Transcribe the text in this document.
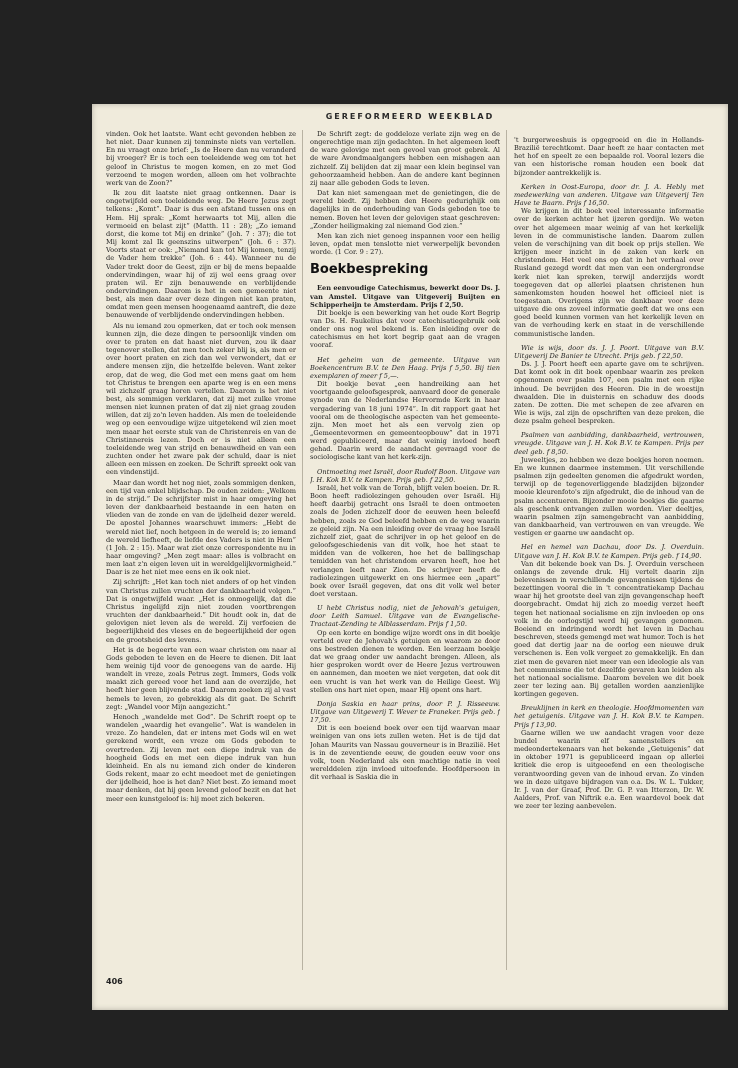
GEREFORMEERD WEEKBLAD

vinden. Ook het laatste. Want echt gevonden hebben ze het niet. Daar kunnen zij tenminste niets van vertellen. En nu vraagt onze brief: „Is de Heere dan nu veranderd bij vroeger? Er is toch een toeleidende weg om tot het geloof in Christus te mogen komen, en zo met God verzoend te mogen worden, alleen om het volbrachte werk van de Zoon?”

Ik zou dit laatste niet graag ontkennen. Daar is ongetwijfeld een toeleidende weg. De Heere Jezus zegt telkens: „Komt”. Daar is dus een afstand tussen ons en Hem. Hij sprak: „Komt herwaarts tot Mij, allen die vermoeid en belast zijt” (Matth. 11 : 28); „Zo iemand dorst, die kome tot Mij en drinke” (Joh. 7 : 37); die tot Mij komt zal Ik geenszins uitwerpen” (Joh. 6 : 37). Voorts staat er ook: „Niemand kan tot Mij komen, tenzij de Vader hem trekke” (Joh. 6 : 44). Wanneer nu de Vader trekt door de Geest, zijn er bij de mens bepaalde ondervindingen, waar hij of zij wel eens graag over praten wil. Er zijn benauwende en verblijdende ondervindingen. Daarom is het in een gemeente niet best, als men daar over deze dingen niet kan praten, omdat men geen mensen hoogenaamd aantreft, die deze benauwende of verblijdende ondervindingen hebben.

Als nu iemand zou opmerken, dat er toch ook mensen kunnen zijn, die deze dingen te persoonlijk vinden om over te praten en dat haast niet durven, zou ik daar tegenover stellen, dat men toch zeker blij is, als men er over hoort praten en zich dan wel verwondert, dat er andere mensen zijn, die hetzelfde beleven. Want zeker erop, dat de weg, die God met een mens gaat om hem tot Christus te brengen een aparte weg is en een mens wil zichzelf graag horen vertellen. Daarom is het niet best, als sommigen verklaren, dat zij met zulke vrome mensen niet kunnen praten of dat zij niet graag zouden willen, dat zij zo'n leven hadden. Als men de toeleidende weg op een eenvoudige wijze uitgetekend wil zien moet men maar het eerste stuk van de Christenreis en van de Christinnereis lezen. Doch er is niet alleen een toeleidende weg van strijd en benauwdheid en van een zuchten onder het zware pak der schuld, daar is niet alleen een missen en zoeken. De Schrift spreekt ook van een vindenstijd.

Maar dan wordt het nog niet, zoals sommigen denken, een tijd van enkel blijdschap. De ouden zeiden: „Welkom in de strijd.” De schrijfster mist in haar omgeving het leven der dankbaarheid bestaande in een haten en vlieden van de zonde en van de ijdelheid dezer wereld. De apostel Johannes waarschuwt immers: „Hebt de wereld niet lief, noch hetgeen in de wereld is; zo iemand de wereld liefheeft, de liefde des Vaders is niet in Hem” (1 Joh. 2 : 15). Maar wat ziet onze correspondente nu in haar omgeving? „Men zegt maar: alles is volbracht en men laat z'n eigen leven uit in wereldgelijkvormigheid.” Daar is ze het niet mee eens en ik ook niet.

Zij schrijft: „Het kan toch niet anders of op het vinden van Christus zullen vruchten der dankbaarheid volgen.” Dat is ongetwijfeld waar. „Het is onmogelijk, dat die Christus ingelijfd zijn niet zouden voortbrengen vruchten der dankbaarheid.” Dit houdt ook in, dat de gelovigen niet leven als de wereld. Zij verfoeien de begeerlijkheid des vleses en de begeerlijkheid der ogen en de grootsheid des levens.

Het is de begeerte van een waar christen om naar al Gods geboden te leven en de Heere te dienen. Dit laat hem weinig tijd voor de genoegens van de aarde. Hij wandelt in vreze, zoals Petrus zegt. Immers, Gods volk maakt zich gereed voor het land aan de overzijde, het heeft hier geen blijvende stad. Daarom zoeken zij al vast hemels te leven, zo gebrekkig als dit gaat. De Schrift zegt: „Wandel voor Mijn aangezicht.”

Henoch „wandelde met God”. De Schrift roept op te wandelen „waardig het evangelie”. Wat is wandelen in vreze. Zo handelen, dat er intens met Gods wil en wet gerekend wordt, een vreze om Gods geboden te overtreden. Zij leven met een diepe indruk van de hoogheid Gods en met een diepe indruk van hun kleinheid. En als nu iemand zich onder de kinderen Gods rekent, maar zo echt meedoet met de genietingen der ijdelheid, hoe is het dan? Niet best. Zo iemand moet maar denken, dat hij geen levend geloof bezit en dat het meer een kunstgeloof is: hij moet zich bekeren.

De Schrift zegt: de goddeloze verlate zijn weg en de ongerechtige man zijn gedachten. In het algemeen leeft de ware gelovige met een gevoel van groot gebrek. Al de ware Avondmaalgangers hebben een mishagen aan zichzelf. Zij belijden dat zij maar een klein beginsel van gehoorzaamheid hebben. Aan de andere kant beginnen zij naar alle geboden Gods te leven.

Dat kan niet samengaan met de genietingen, die de wereld biedt. Zij hebben den Heere gedurighijk om dagelijks in de onderhouding van Gods geboden toe te nemen. Boven het leven der gelovigen staat geschreven: „Zonder heiligmaking zal niemand God zien.”

Men kan zich niet genoeg inspannen voor een heilig leven, opdat men tenslotte niet verwerpelijk bevonden worde. (1 Cor. 9 : 27).

Boekbespreking

Een eenvoudige Catechismus, bewerkt door Ds. J. van Amstel. Uitgave van Uitgeverij Buijten en Schipperheijn te Amsterdam. Prijs f 2,50.

Dit boekje is een bewerking van het oude Kort Begrip van Ds. H. Faukelius dat voor catechisatiegebruik ook onder ons nog wel bekend is. Een inleiding over de catechismus en het kort begrip gaat aan de vragen vooraf.

Het geheim van de gemeente. Uitgave van Boekencentrum B.V. te Den Haag. Prijs f 5,50. Bij tien exemplaren of meer f 5,—.

Dit boekje bevat „een handreiking aan het voortgaande geloofsgesprek, aanvaard door de generale synode van de Nederlandse Hervormde Kerk in haar vergadering van 18 juni 1974”. In dit rapport gaat het vooral om de theologische aspecten van het gemeente-zijn. Men moet het als een vervolg zien op „Gemeentevormen en gemeenteopbouw” dat in 1971 werd gepubliceerd, maar dat weinig invloed heeft gehad. Daarin werd de aandacht gevraagd voor de sociologische kant van het kerk-zijn.

Ontmoeting met Israël, door Rudolf Boon. Uitgave van J. H. Kok B.V. te Kampen. Prijs geb. f 22,50.

Israël, het volk van de Torah, blijft velen boeien. Dr. R. Boon heeft radiolezingen gehouden over Israël. Hij heeft daarbij getracht ons Israël te doen ontmoeten zoals de Joden zichzelf door de eeuwen heen beleefd hebben, zoals ze God beleefd hebben en de weg waarin ze geleid zijn. Na een inleiding over de vraag hoe Israël zichzelf ziet, gaat de schrijver in op het geloof en de geloofsgeschiedenis van dit volk, hoe het staat te midden van de volkeren, hoe het de ballingschap temidden van het christendom ervaren heeft, hoe het verlangen leeft naar Zion. De schrijver heeft de radiolezingen uitgewerkt en ons hiermee een „apart” boek over Israël gegeven, dat ons dit volk wel beter doet verstaan.

U hebt Christus nodig, niet de Jehovah's getuigen, door Leith Samuel. Uitgave van de Evangelische-Tractaat-Zending te Alblasserdam. Prijs f 1,50.

Op een korte en bondige wijze wordt ons in dit boekje verteld over de Jehovah's getuigen en waarom ze door ons bestreden dienen te worden. Een leerzaam boekje dat we graag onder uw aandacht brengen. Alleen, als hier gesproken wordt over de Heere Jezus vertrouwen en aannemen, dan moeten we niet vergeten, dat ook dit een vrucht is van het werk van de Heilige Geest. Wij stellen ons hart niet open, maar Hij opent ons hart.

Donja Saskia en haar prins, door P. J. Risseeuw. Uitgave van Uitgeverij T. Wever te Franeker. Prijs geb. f 17,50.

Dit is een boeiend boek over een tijd waarvan maar weinigen van ons iets zullen weten. Het is de tijd dat Johan Maurits van Nassau gouverneur is in Brazilië. Het is in de zeventiende eeuw, de gouden eeuw voor ons volk, toen Nederland als een machtige natie in veel werelddelen zijn invloed uitoefende. Hoofdpersoon in dit verhaal is Saskia die in

't burgerweeshuis is opgegroeid en die in Hollands-Brazilië terechtkomt. Daar heeft ze haar contacten met het hof en speelt ze een bepaalde rol. Vooral lezers die van een historische roman houden een boek dat bijzonder aantrekkelijk is.

Kerken in Oost-Europa, door dr. J. A. Hebly met medewerking van anderen. Uitgave van Uitgeverij Ten Have te Baarn. Prijs f 16,50.

We krijgen in dit boek veel interessante informatie over de kerken achter het ijzeren gordijn. We weten over het algemeen maar weinig af van het kerkelijk leven in de communistische landen. Daarom zullen velen de verschijning van dit boek op prijs stellen. We krijgen meer inzicht in de zaken van kerk en christendom. Het veel ons op dat in het verhaal over Rusland gezegd wordt dat men van een ondergrondse kerk niet kan spreken, terwijl anderzijds wordt toegegeven dat op allerlei plaatsen christenen hun samenkomsten houden hoewel het officieel niet is toegestaan. Overigens zijn we dankbaar voor deze uitgave die ons zoveel informatie geeft dat we ons een goed beeld kunnen vormen van het kerkelijk leven en van de verhouding kerk en staat in de verschillende communistische landen.

Wie is wijs, door ds. J. J. Poort. Uitgave van B.V. Uitgeverij De Banier te Utrecht. Prijs geb. f 22,50.

Ds. J. J. Poort heeft een aparte gave om te schrijven. Dat komt ook in dit boek openbaar waarin zes preken opgenomen over psalm 107, een psalm met een rijke inhoud. De bevrijden des Heeren. Die in de woestijn dwaalden. Die in duisternis en schaduw des doods zaten. De zotten. Die met schepen de zee afvaren en Wie is wijs, zal zijn de opschriften van deze preken, die deze psalm geheel bespreken.

Psalmen van aanbidding, dankbaarheid, vertrouwen, vreugde. Uitgave van J. H. Kok B.V. te Kampen. Prijs per deel geb. f 8,50.

Juweeltjes, zo hebben we deze boekjes horen noemen. En we kunnen daarmee instemmen. Uit verschillende psalmen zijn gedeelten genomen die afgedrukt worden, terwijl op de tegenoverliggende bladzijden bijzonder mooie kleurenfoto's zijn afgedrukt, die de inhoud van de psalm accentueren. Bijzonder mooie boekjes die gaarne als geschenk ontvangen zullen worden. Vier deeltjes, waarin psalmen zijn samengebracht van aanbidding, van dankbaarheid, van vertrouwen en van vreugde. We vestigen er gaarne uw aandacht op.

Hel en hemel van Dachau, door Ds. J. Overduin. Uitgave van J. H. Kok B.V. te Kampen. Prijs geb. f 14,90.

Van dit bekende boek van Ds. J. Overduin verscheen onlangs de zevende druk. Hij vertelt daarin zijn belevenissen in verschillende gevangenissen tijdens de bezettingen vooral die in 't concentratiekamp Dachau waar hij het grootste deel van zijn gevangenschap heeft doorgebracht. Omdat hij zich zo moedig verzet heeft tegen het nationaal socialisme en zijn invloeden op ons volk in de oorlogstijd werd hij gevangen genomen. Boeiend en indringend wordt het leven in Dachau beschreven, steeds gemengd met wat humor. Toch is het goed dat dertig jaar na de oorlog een nieuwe druk verschenen is. Een volk vergeet zo gemakkelijk. En dan ziet men de gevaren niet meer van een ideologie als van het communisme die tot dezelfde gevaren kan leiden als het nationaal socialisme. Daarom bevelen we dit boek zeer ter lezing aan. Bij getallen worden aanzienlijke kortingen gegeven.

Breuklijnen in kerk en theologie. Hoofdmomenten van het getuigenis. Uitgave van J. H. Kok B.V. te Kampen. Prijs f 13,90.

Gaarne willen we uw aandacht vragen voor deze bundel waarin elf samenstellers en medeondertekenaars van het bekende „Getuigenis” dat in oktober 1971 is gepubliceerd ingaan op allerlei kritiek die erop is uitgeoefend en een theologische verantwoording geven van de inhoud ervan. Zo vinden we in deze uitgave bijdragen van o.a. Ds. W. L. Tukker, Ir. J. van der Graaf, Prof. Dr. G. P. van Itterzon, Dr. W. Aalders, Prof. van Niftrik e.a. Een waardevol boek dat we zeer ter lezing aanbevelen.

406
